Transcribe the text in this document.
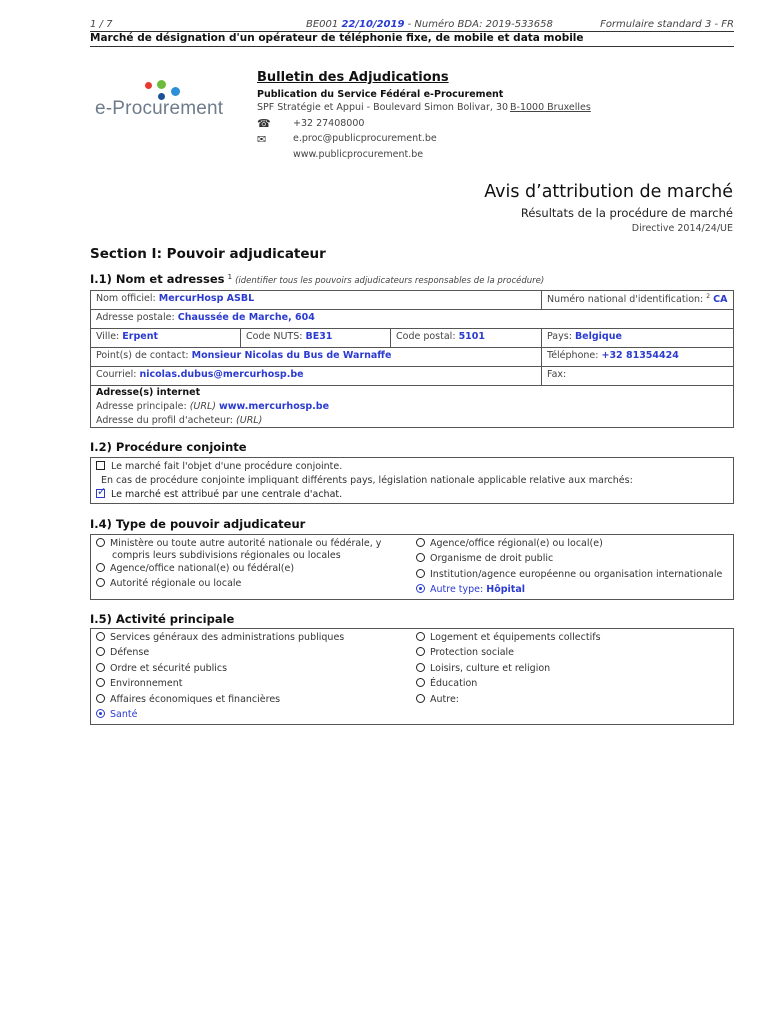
1 / 7	BE001 22/10/2019 - Numéro BDA: 2019-533658	Formulaire standard 3 - FR
Marché de désignation d'un opérateur de téléphonie fixe, de mobile et data mobile
e-Procurement
Bulletin des Adjudications
Publication du Service Fédéral e-Procurement
SPF Stratégie et Appui - Boulevard Simon Bolivar, 30 B-1000 Bruxelles
☎ +32 27408000
✉	e.proc@publicprocurement.be
www.publicprocurement.be
Avis d’attribution de marché
Résultats de la procédure de marché
Directive 2014/24/UE
Section I: Pouvoir adjudicateur
I.1) Nom et adresses $^1$ (identifier tous les pouvoirs adjudicateurs responsables de la procédure)
Nom officiel: MercurHosp ASBL	Numéro national d'identification: $^2$ CA
Adresse postale: Chaussée de Marche, 604
Ville: Erpent	Code NUTS: BE31	Code postal: 5101	Pays: Belgique
Point(s) de contact: Monsieur Nicolas du Bus de Warnaffe	Téléphone: +32 81354424
Courriel: nicolas.dubus@mercurhosp.be	Fax:
Adresse(s) internet
Adresse principale: (URL) www.mercurhosp.be
Adresse du profil d'acheteur: (URL)
I.2) Procédure conjointe
Le marché fait l'objet d'une procédure conjointe.
En cas de procédure conjointe impliquant différents pays, législation nationale applicable relative aux marchés:
✓Le marché est attribué par une centrale d'achat.
I.4) Type de pouvoir adjudicateur
Ministère ou toute autre autorité nationale ou fédérale, y
compris leurs subdivisions régionales ou locales
Agence/office national(e) ou fédéral(e)
Autorité régionale ou locale
Agence/office régional(e) ou local(e)
Organisme de droit public
Institution/agence européenne ou organisation internationale
Autre type: Hôpital
I.5) Activité principale
Services généraux des administrations publiques
Défense
Ordre et sécurité publics
Environnement
Affaires économiques et financières
Santé
Logement et équipements collectifs
Protection sociale
Loisirs, culture et religion
Éducation
Autre:
